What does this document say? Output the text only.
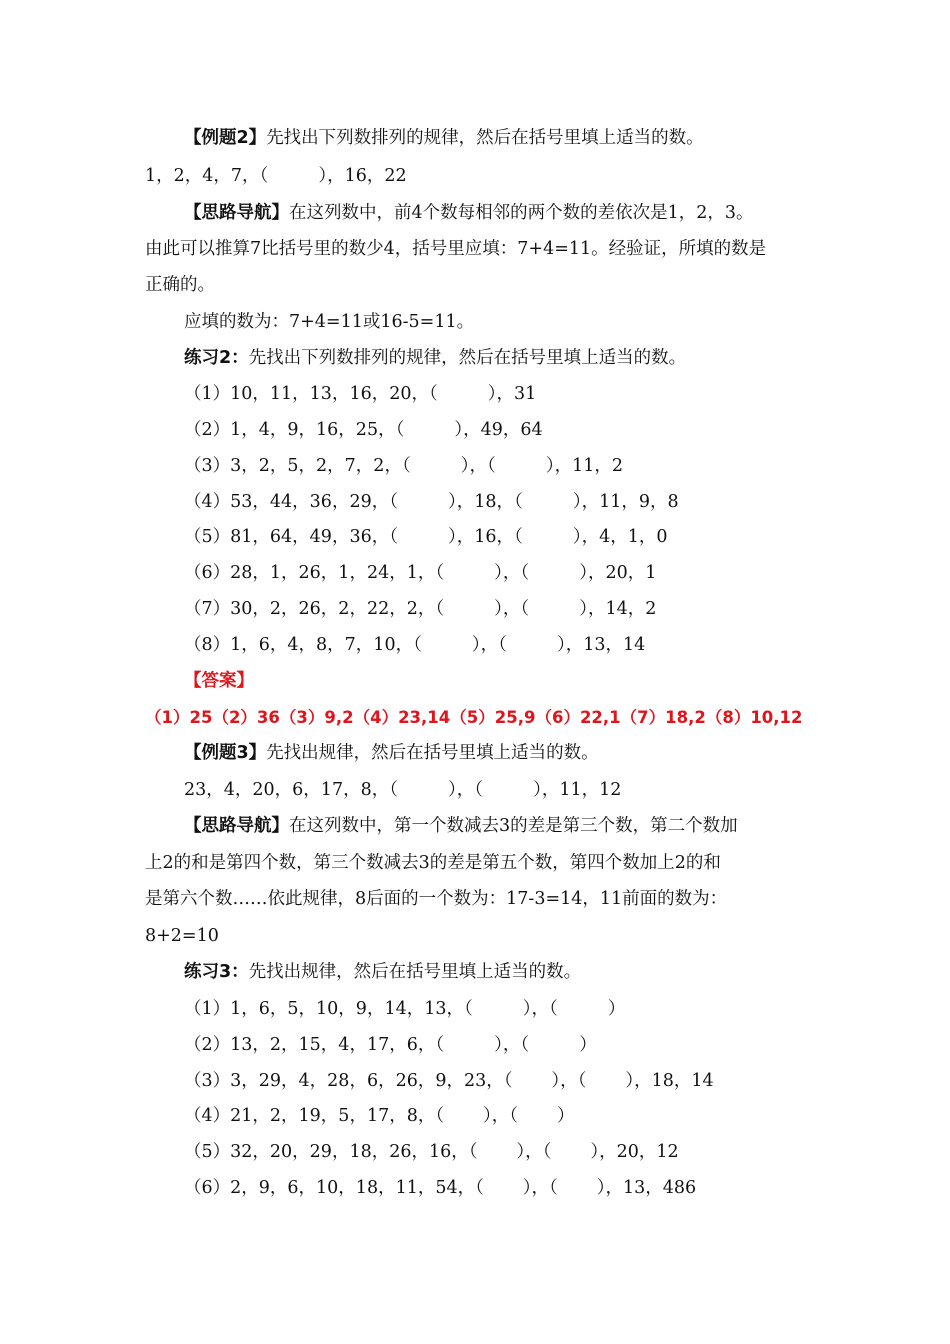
【例题2】先找出下列数排列的规律，然后在括号里填上适当的数。
1，2，4，7，（         ），16，22
【思路导航】在这列数中，前4个数每相邻的两个数的差依次是1，2，3。
由此可以推算7比括号里的数少4，括号里应填：7+4=11。经验证，所填的数是
正确的。
应填的数为：7+4=11或16-5=11。
练习2：先找出下列数排列的规律，然后在括号里填上适当的数。
（1）10，11，13，16，20，（         ），31
（2）1，4，9，16，25，（         ），49，64
（3）3，2，5，2，7，2，（         ），（         ），11，2
（4）53，44，36，29，（         ），18，（         ），11，9，8
（5）81，64，49，36，（         ），16，（         ），4，1，0
（6）28，1，26，1，24，1，（         ），（         ），20，1
（7）30，2，26，2，22，2，（         ），（         ），14，2
（8）1，6，4，8，7，10，（         ），（         ），13，14
【答案】
（1）25（2）36（3）9,2（4）23,14（5）25,9（6）22,1（7）18,2（8）10,12
【例题3】先找出规律，然后在括号里填上适当的数。
23，4，20，6，17，8，（         ），（         ），11，12
【思路导航】在这列数中，第一个数减去3的差是第三个数，第二个数加
上2的和是第四个数，第三个数减去3的差是第五个数，第四个数加上2的和
是第六个数……依此规律，8后面的一个数为：17-3=14，11前面的数为：
8+2=10
练习3：先找出规律，然后在括号里填上适当的数。
（1）1，6，5，10，9，14，13，（         ），（         ）
（2）13，2，15，4，17，6，（         ），（         ）
（3）3，29，4，28，6，26，9，23，（       ），（       ），18，14
（4）21，2，19，5，17，8，（       ），（       ）
（5）32，20，29，18，26，16，（       ），（       ），20，12
（6）2，9，6，10，18，11，54，（       ），（       ），13，486
